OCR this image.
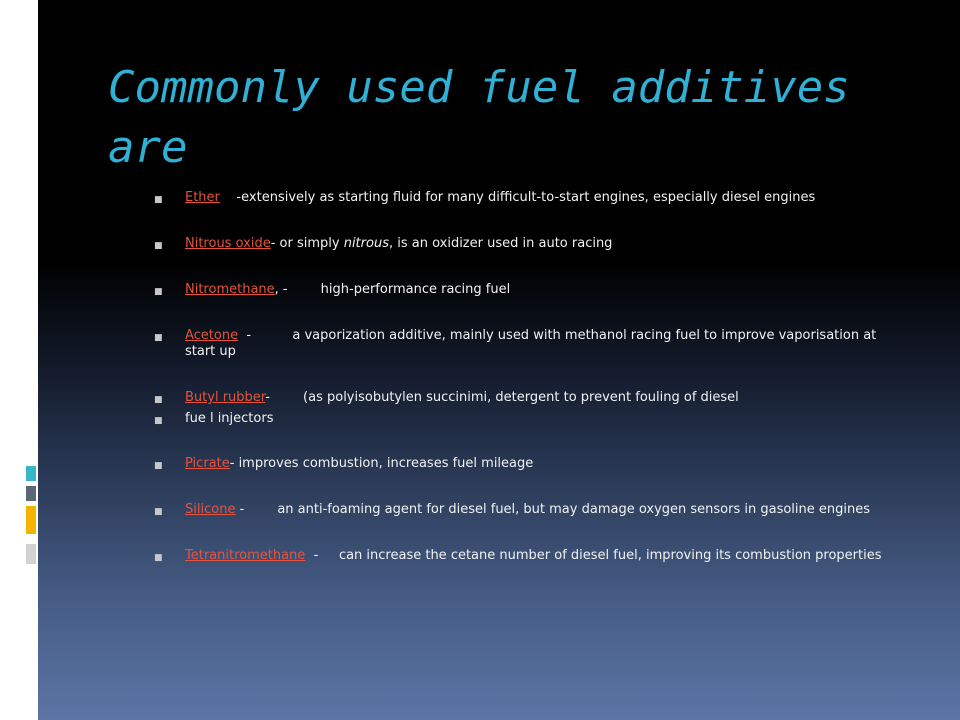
Commonly used fuel additives are
■ Ether    -extensively as starting fluid for many difficult-to-start engines, especially diesel engines
■ Nitrous oxide- or simply nitrous, is an oxidizer used in auto racing
■ Nitromethane, -        high-performance racing fuel
■ Acetone  -          a vaporization additive, mainly used with methanol racing fuel to improve vaporisation at start up
■ Butyl rubber-        (as polyisobutylen succinimi, detergent to prevent fouling of diesel
■ fue l injectors
■ Picrate- improves combustion, increases fuel mileage
■ Silicone -        an anti-foaming agent for diesel fuel, but may damage oxygen sensors in gasoline engines
■ Tetranitromethane  -     can increase the cetane number of diesel fuel, improving its combustion properties
